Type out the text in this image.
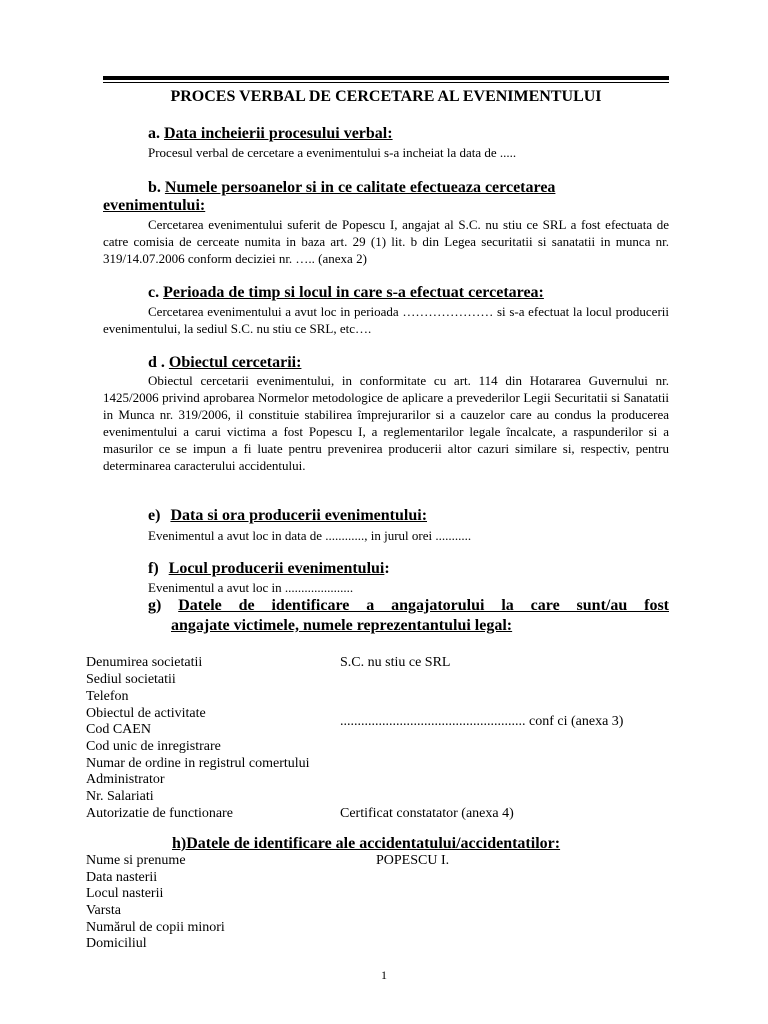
PROCES VERBAL DE CERCETARE AL EVENIMENTULUI
a. Data incheierii procesului verbal:
Procesul verbal de cercetare a evenimentului s-a incheiat la data de .....
b. Numele persoanelor si in ce calitate efectueaza cercetarea
evenimentului:
Cercetarea evenimentului suferit de Popescu I, angajat al S.C. nu stiu ce SRL a fost efectuata de catre comisia de cerceate numita in baza art. 29 (1) lit. b din Legea securitatii si sanatatii in munca nr. 319/14.07.2006 conform deciziei nr. ….. (anexa 2)
c. Perioada de timp si locul in care s-a efectuat cercetarea:
Cercetarea evenimentului a avut loc in perioada ………………… si s-a efectuat la locul producerii evenimentului, la sediul S.C. nu stiu ce SRL, etc….
d . Obiectul cercetarii:
Obiectul cercetarii evenimentului, in conformitate cu art. 114 din Hotararea Guvernului nr. 1425/2006 privind aprobarea Normelor metodologice de aplicare a prevederilor Legii Securitatii si Sanatatii in Munca nr. 319/2006, il constituie stabilirea împrejurarilor si a cauzelor care au condus la producerea evenimentului a carui victima a fost Popescu I, a reglementarilor legale încalcate, a raspunderilor si a masurilor ce se impun a fi luate pentru prevenirea producerii altor cazuri similare si, respectiv, pentru determinarea caracterului accidentului.
e) Data si ora producerii evenimentului:
Evenimentul a avut loc in data de ............, in jurul orei ...........
f) Locul producerii evenimentului:
Evenimentul a avut loc in .....................
g) Datele de identificare a angajatorului la care sunt/au fost
angajate victimele, numele reprezentantului legal:
Denumirea societatii
Sediul societatii
Telefon
Obiectul de activitate
Cod CAEN
Cod unic de inregistrare
Numar de ordine in registrul comertului
Administrator
Nr. Salariati
Autorizatie de functionare
S.C. nu stiu ce SRL
..................................................... conf ci (anexa 3)
Certificat constatator (anexa 4)
h)Datele de identificare ale accidentatului/accidentatilor:
Nume si prenume
Data nasterii
Locul nasterii
Varsta
Numărul de copii minori
Domiciliul
POPESCU I.
1
